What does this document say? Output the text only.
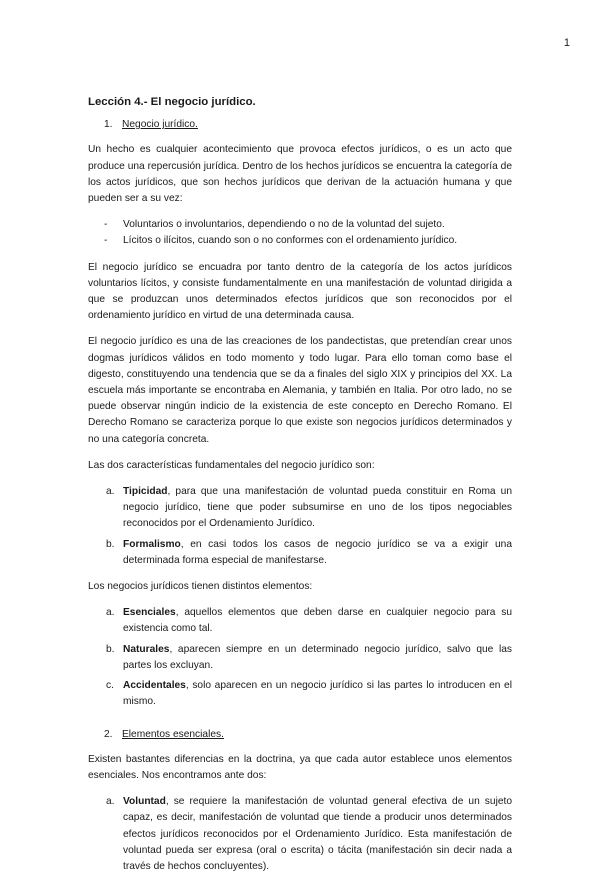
1
Lección 4.- El negocio jurídico.
1. Negocio jurídico.

Un hecho es cualquier acontecimiento que provoca efectos jurídicos, o es un acto que produce una repercusión jurídica. Dentro de los hechos jurídicos se encuentra la categoría de los actos jurídicos, que son hechos jurídicos que derivan de la actuación humana y que pueden ser a su vez:

- Voluntarios o involuntarios, dependiendo o no de la voluntad del sujeto.
- Lícitos o ilícitos, cuando son o no conformes con el ordenamiento jurídico.

El negocio jurídico se encuadra por tanto dentro de la categoría de los actos jurídicos voluntarios lícitos, y consiste fundamentalmente en una manifestación de voluntad dirigida a que se produzcan unos determinados efectos jurídicos que son reconocidos por el ordenamiento jurídico en virtud de una determinada causa.

El negocio jurídico es una de las creaciones de los pandectistas, que pretendían crear unos dogmas jurídicos válidos en todo momento y todo lugar. Para ello toman como base el digesto, constituyendo una tendencia que se da a finales del siglo XIX y principios del XX. La escuela más importante se encontraba en Alemania, y también en Italia. Por otro lado, no se puede observar ningún indicio de la existencia de este concepto en Derecho Romano. El Derecho Romano se caracteriza porque lo que existe son negocios jurídicos determinados y no una categoría concreta.

Las dos características fundamentales del negocio jurídico son:

a. Tipicidad, para que una manifestación de voluntad pueda constituir en Roma un negocio jurídico, tiene que poder subsumirse en uno de los tipos negociables reconocidos por el Ordenamiento Jurídico.
b. Formalismo, en casi todos los casos de negocio jurídico se va a exigir una determinada forma especial de manifestarse.

Los negocios jurídicos tienen distintos elementos:

a. Esenciales, aquellos elementos que deben darse en cualquier negocio para su existencia como tal.
b. Naturales, aparecen siempre en un determinado negocio jurídico, salvo que las partes los excluyan.
c. Accidentales, solo aparecen en un negocio jurídico si las partes lo introducen en el mismo.
2. Elementos esenciales.

Existen bastantes diferencias en la doctrina, ya que cada autor establece unos elementos esenciales. Nos encontramos ante dos:

a. Voluntad, se requiere la manifestación de voluntad general efectiva de un sujeto capaz, es decir, manifestación de voluntad que tiende a producir unos determinados efectos jurídicos reconocidos por el Ordenamiento Jurídico. Esta manifestación de voluntad pueda ser expresa (oral o escrita) o tácita (manifestación sin decir nada a través de hechos concluyentes).
